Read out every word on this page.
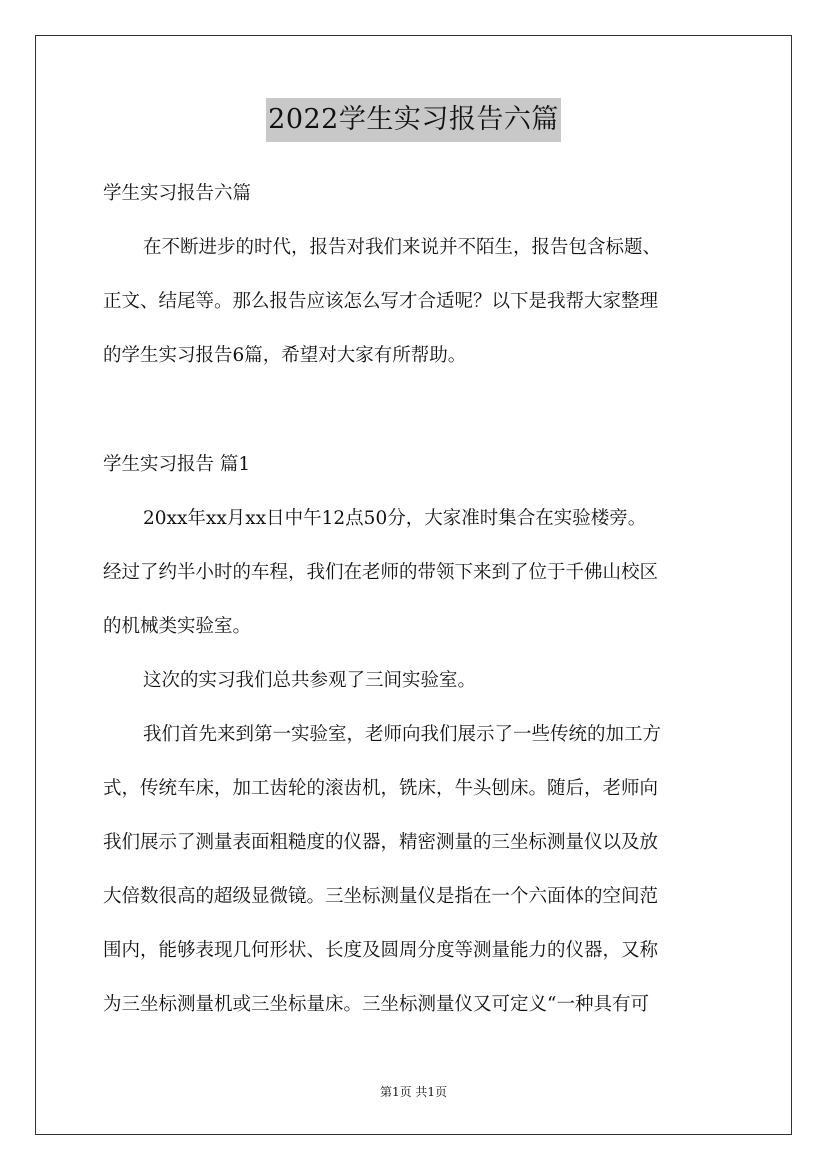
2022学生实习报告六篇
学生实习报告六篇
在不断进步的时代，报告对我们来说并不陌生，报告包含标题、
正文、结尾等。那么报告应该怎么写才合适呢？以下是我帮大家整理
的学生实习报告6篇，希望对大家有所帮助。
学生实习报告 篇1
20xx年xx月xx日中午12点50分，大家准时集合在实验楼旁。
经过了约半小时的车程，我们在老师的带领下来到了位于千佛山校区
的机械类实验室。
这次的实习我们总共参观了三间实验室。
我们首先来到第一实验室，老师向我们展示了一些传统的加工方
式，传统车床，加工齿轮的滚齿机，铣床，牛头刨床。随后，老师向
我们展示了测量表面粗糙度的仪器，精密测量的三坐标测量仪以及放
大倍数很高的超级显微镜。三坐标测量仪是指在一个六面体的空间范
围内，能够表现几何形状、长度及圆周分度等测量能力的仪器，又称
为三坐标测量机或三坐标量床。三坐标测量仪又可定义“一种具有可
第1页 共1页
